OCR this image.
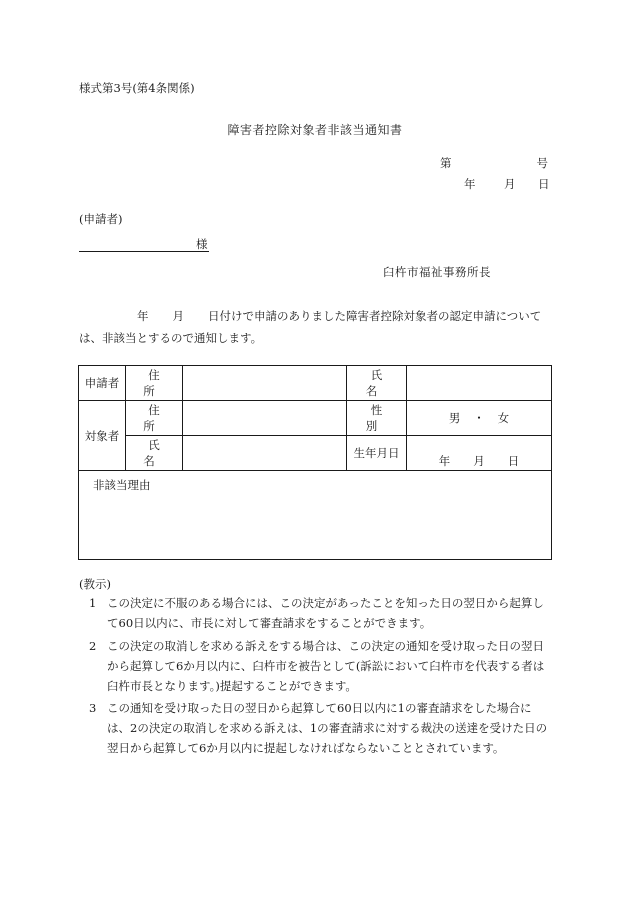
様式第3号(第4条関係)
障害者控除対象者非該当通知書
第	号
年 月 日
(申請者)
様
臼杵市福祉事務所長
年 月 日付けで申請のありました障害者控除対象者の認定申請については、非該当とするので通知します。
申請者	住 所		氏 名	
対象者	住 所		性 別	男 ・ 女
	氏 名		生年月日	年　　月　　日

非該当理由				
(教示)
1 この決定に不服のある場合には、この決定があったことを知った日の翌日から起算して60日以内に、市長に対して審査請求をすることができます。
2 この決定の取消しを求める訴えをする場合は、この決定の通知を受け取った日の翌日から起算して6か月以内に、臼杵市を被告として(訴訟において臼杵市を代表する者は臼杵市長となります。)提起することができます。
3 この通知を受け取った日の翌日から起算して60日以内に1の審査請求をした場合には、2の決定の取消しを求める訴えは、1の審査請求に対する裁決の送達を受けた日の翌日から起算して6か月以内に提起しなければならないこととされています。
